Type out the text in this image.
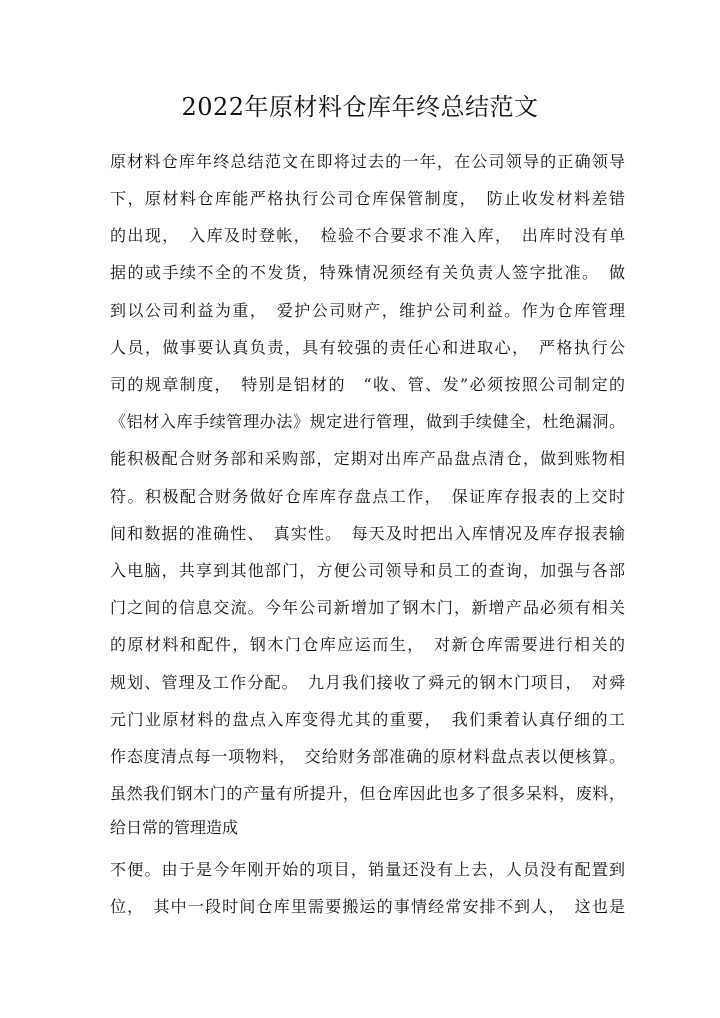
2022年原材料仓库年终总结范文
原材料仓库年终总结范文在即将过去的一年，在公司领导的正确领导
下，原材料仓库能严格执行公司仓库保管制度，　防止收发材料差错
的出现，　入库及时登帐，　检验不合要求不准入库，　出库时没有单
据的或手续不全的不发货，特殊情况须经有关负责人签字批准。　做
到以公司利益为重，　爱护公司财产，维护公司利益。作为仓库管理
人员，做事要认真负责，具有较强的责任心和进取心，　严格执行公
司的规章制度，　特别是铝材的　“收、管、发”必须按照公司制定的
《铝材入库手续管理办法》规定进行管理，做到手续健全，杜绝漏洞。
能积极配合财务部和采购部，定期对出库产品盘点清仓，做到账物相
符。积极配合财务做好仓库库存盘点工作，　保证库存报表的上交时
间和数据的准确性、　真实性。　每天及时把出入库情况及库存报表输
入电脑，共享到其他部门，方便公司领导和员工的查询，加强与各部
门之间的信息交流。今年公司新增加了钢木门，新增产品必须有相关
的原材料和配件，钢木门仓库应运而生，　对新仓库需要进行相关的
规划、管理及工作分配。　九月我们接收了舜元的钢木门项目，　对舜
元门业原材料的盘点入库变得尤其的重要，　我们秉着认真仔细的工
作态度清点每一项物料，　交给财务部准确的原材料盘点表以便核算。
虽然我们钢木门的产量有所提升，但仓库因此也多了很多呆料，废料，
给日常的管理造成
不便。由于是今年刚开始的项目，销量还没有上去，人员没有配置到
位，　其中一段时间仓库里需要搬运的事情经常安排不到人，　这也是
